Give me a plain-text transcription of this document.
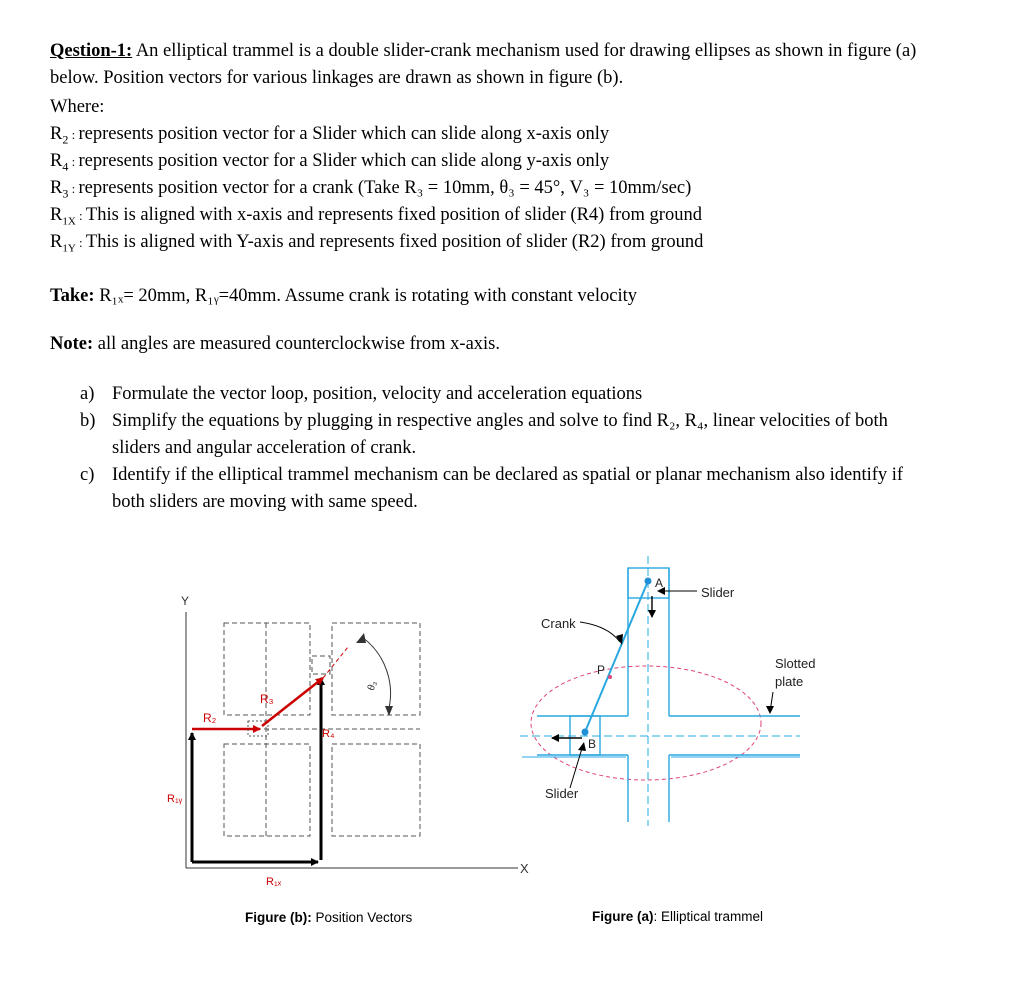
Qestion-1: An elliptical trammel is a double slider-crank mechanism used for drawing ellipses as shown in figure (a) below. Position vectors for various linkages are drawn as shown in figure (b).
Where:
$R_2$ : represents position vector for a Slider which can slide along x-axis only
$R_4$ : represents position vector for a Slider which can slide along y-axis only
$R_3$ : represents position vector for a crank (Take R₃ = 10mm, θ₃ = 45°, V₃ = 10mm/sec)
$R_{1X}$ : This is aligned with x-axis and represents fixed position of slider (R4) from ground
$R_{1Y}$ : This is aligned with Y-axis and represents fixed position of slider (R2) from ground
Take: R₁ₓ= 20mm, R₁ᵧ=40mm. Assume crank is rotating with constant velocity
Note: all angles are measured counterclockwise from x-axis.
a) Formulate the vector loop, position, velocity and acceleration equations
b) Simplify the equations by plugging in respective angles and solve to find R₂, R₄, linear velocities of both sliders and angular acceleration of crank.
c) Identify if the elliptical trammel mechanism can be declared as spatial or planar mechanism also identify if both sliders are moving with same speed.
Y
X
R₁ᵧ
R₁ₓ
R₂
R₃
R₄
θ₃
Slider
Crank
Slotted
plate
Slider
A
B
P
Figure (b): Position Vectors	Figure (a): Elliptical trammel
